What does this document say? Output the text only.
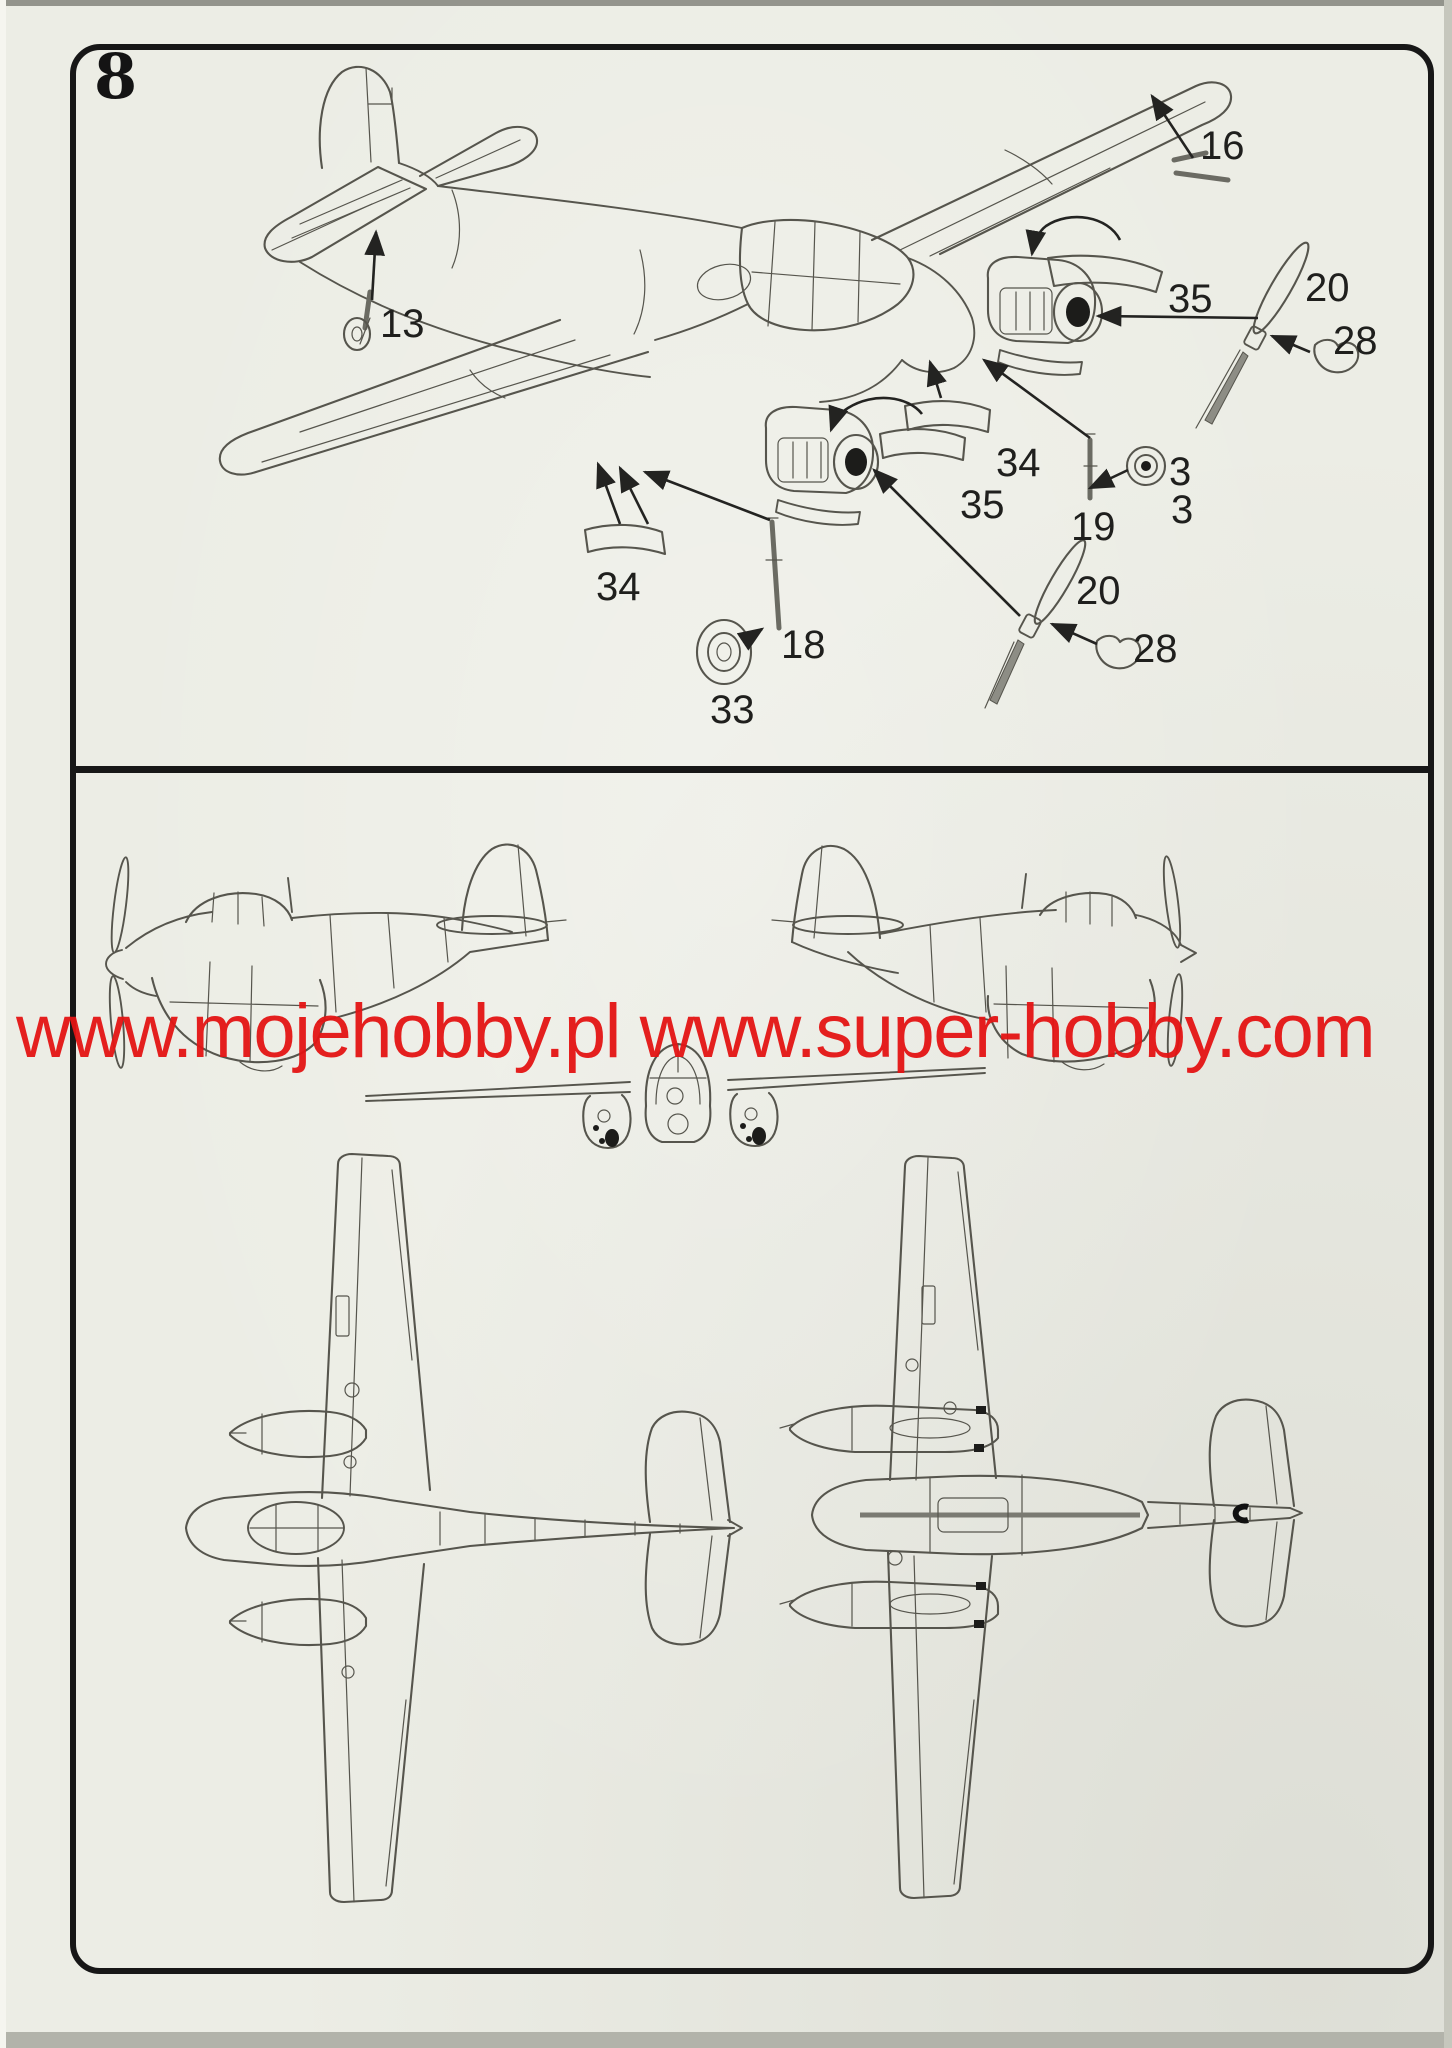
8
16
35 20
28
13
34
35 19
3
3
34
18
33
20
28
www.mojehobby.pl www.super-hobby.com
